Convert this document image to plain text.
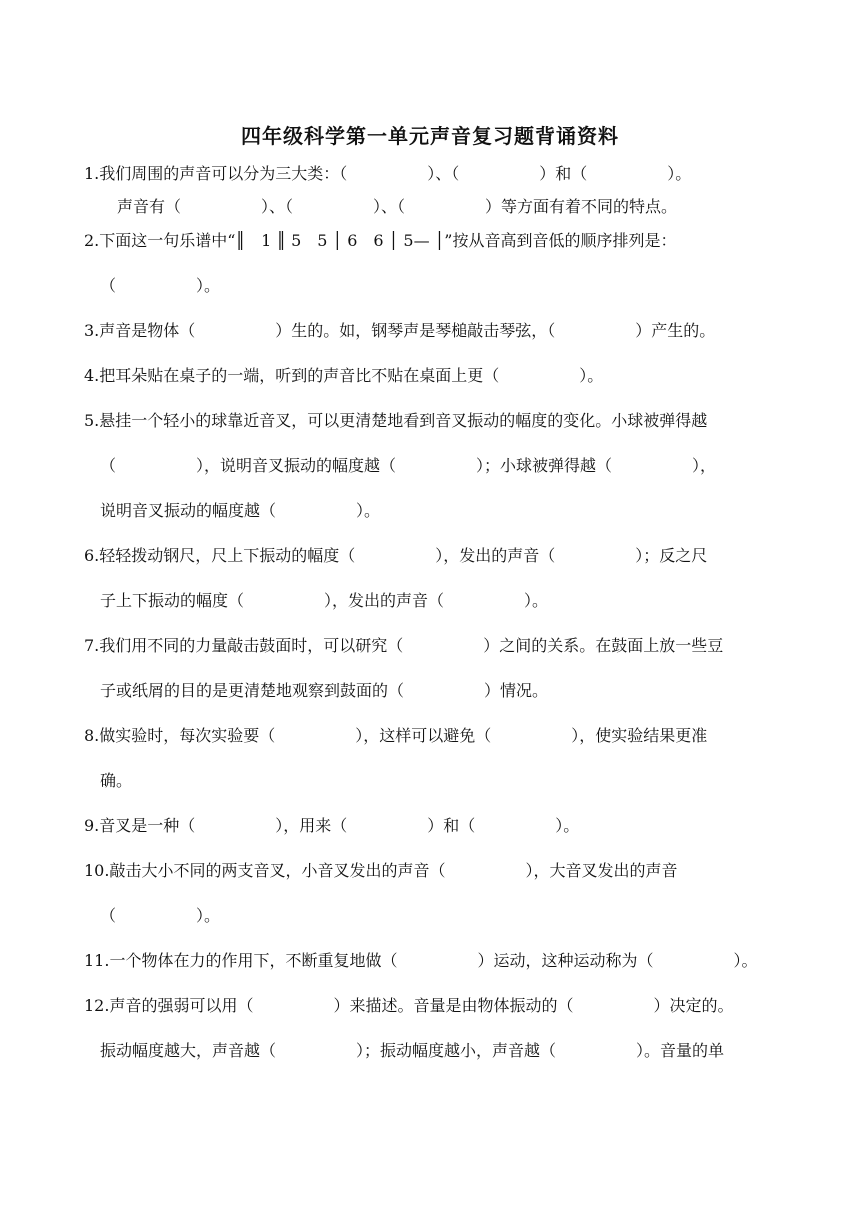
四年级科学第一单元声音复习题背诵资料
1.我们周围的声音可以分为三大类：（　　　　　）、（　　　　　）和（　　　　　）。
声音有（　　　　　）、（　　　　　）、（　　　　　）等方面有着不同的特点。
2.下面这一句乐谱中“║　1 ║ 5　5 │ 6　6 │ 5— │”按从音高到音低的顺序排列是：
（　　　　　）。
3.声音是物体（　　　　　）生的。如，钢琴声是琴槌敲击琴弦，（　　　　　）产生的。
4.把耳朵贴在桌子的一端，听到的声音比不贴在桌面上更（　　　　　）。
5.悬挂一个轻小的球靠近音叉，可以更清楚地看到音叉振动的幅度的变化。小球被弹得越
（　　　　　），说明音叉振动的幅度越（　　　　　）；小球被弹得越（　　　　　），
说明音叉振动的幅度越（　　　　　）。
6.轻轻拨动钢尺，尺上下振动的幅度（　　　　　），发出的声音（　　　　　）；反之尺
子上下振动的幅度（　　　　　），发出的声音（　　　　　）。
7.我们用不同的力量敲击鼓面时，可以研究（　　　　　）之间的关系。在鼓面上放一些豆
子或纸屑的目的是更清楚地观察到鼓面的（　　　　　）情况。
8.做实验时，每次实验要（　　　　　），这样可以避免（　　　　　），使实验结果更准
确。
9.音叉是一种（　　　　　），用来（　　　　　）和（　　　　　）。
10.敲击大小不同的两支音叉，小音叉发出的声音（　　　　　），大音叉发出的声音
（　　　　　）。
11.一个物体在力的作用下，不断重复地做（　　　　　）运动，这种运动称为（　　　　　）。
12.声音的强弱可以用（　　　　　）来描述。音量是由物体振动的（　　　　　）决定的。
振动幅度越大，声音越（　　　　　）；振动幅度越小，声音越（　　　　　）。音量的单
